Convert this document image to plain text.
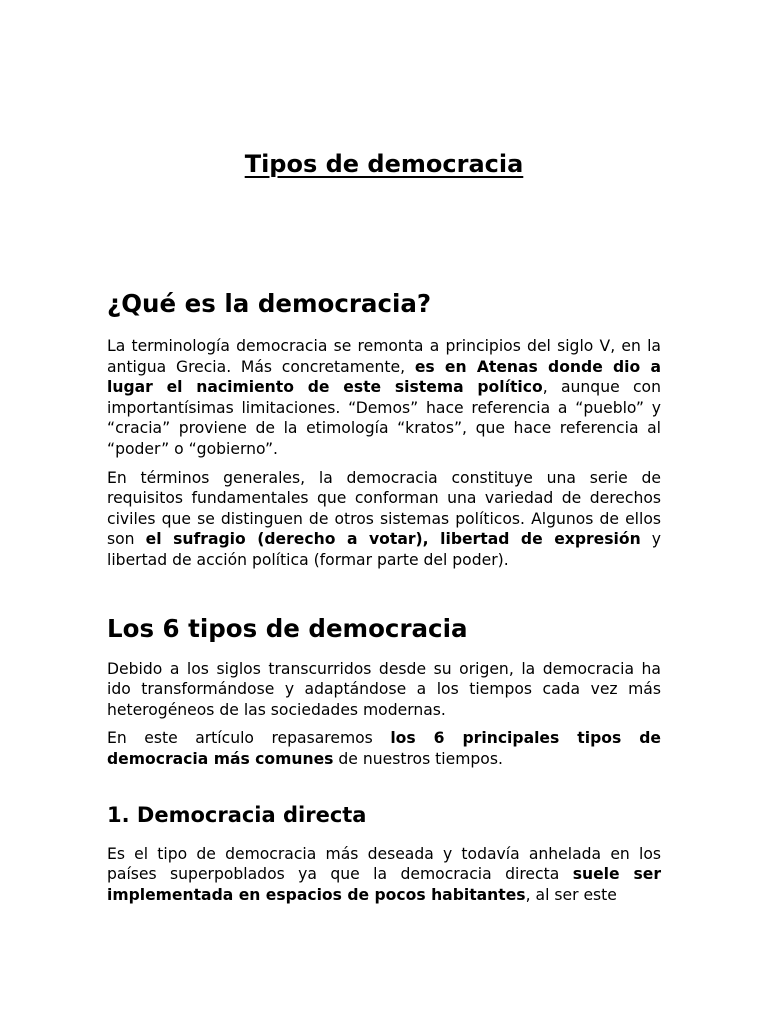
Tipos de democracia
¿Qué es la democracia?

La terminología democracia se remonta a principios del siglo V, en la antigua Grecia. Más concretamente, es en Atenas donde dio a lugar el nacimiento de este sistema político, aunque con importantísimas limitaciones. “Demos” hace referencia a “pueblo” y “cracia” proviene de la etimología “kratos”, que hace referencia al “poder” o “gobierno”.

En términos generales, la democracia constituye una serie de requisitos fundamentales que conforman una variedad de derechos civiles que se distinguen de otros sistemas políticos. Algunos de ellos son el sufragio (derecho a votar), libertad de expresión y libertad de acción política (formar parte del poder).

Los 6 tipos de democracia

Debido a los siglos transcurridos desde su origen, la democracia ha ido transformándose y adaptándose a los tiempos cada vez más heterogéneos de las sociedades modernas.

En este artículo repasaremos los 6 principales tipos de democracia más comunes de nuestros tiempos.

1. Democracia directa

Es el tipo de democracia más deseada y todavía anhelada en los países superpoblados ya que la democracia directa suele ser implementada en espacios de pocos habitantes, al ser este
